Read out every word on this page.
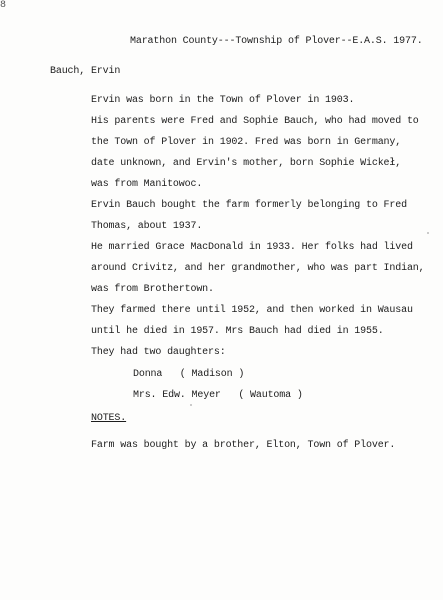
8
Marathon County---Township of Plover--E.A.S. 1977.
Bauch, Ervin
Ervin was born in the Town of Plover in 1903.
His parents were Fred and Sophie Bauch, who had moved to
the Town of Plover in 1902. Fred was born in Germany,
date unknown, and Ervin's mother, born Sophie Wickeł,
was from Manitowoc.
Ervin Bauch bought the farm formerly belonging to Fred
Thomas, about 1937.
He married Grace MacDonald in 1933. Her folks had lived
around Crivitz, and her grandmother, who was part Indian,
was from Brothertown.
They farmed there until 1952, and then worked in Wausau
until he died in 1957. Mrs Bauch had died in 1955.
They had two daughters:
Donna   ( Madison )
Mrs. Edw. Meyer   ( Wautoma )
NOTES.
Farm was bought by a brother, Elton, Town of Plover.
